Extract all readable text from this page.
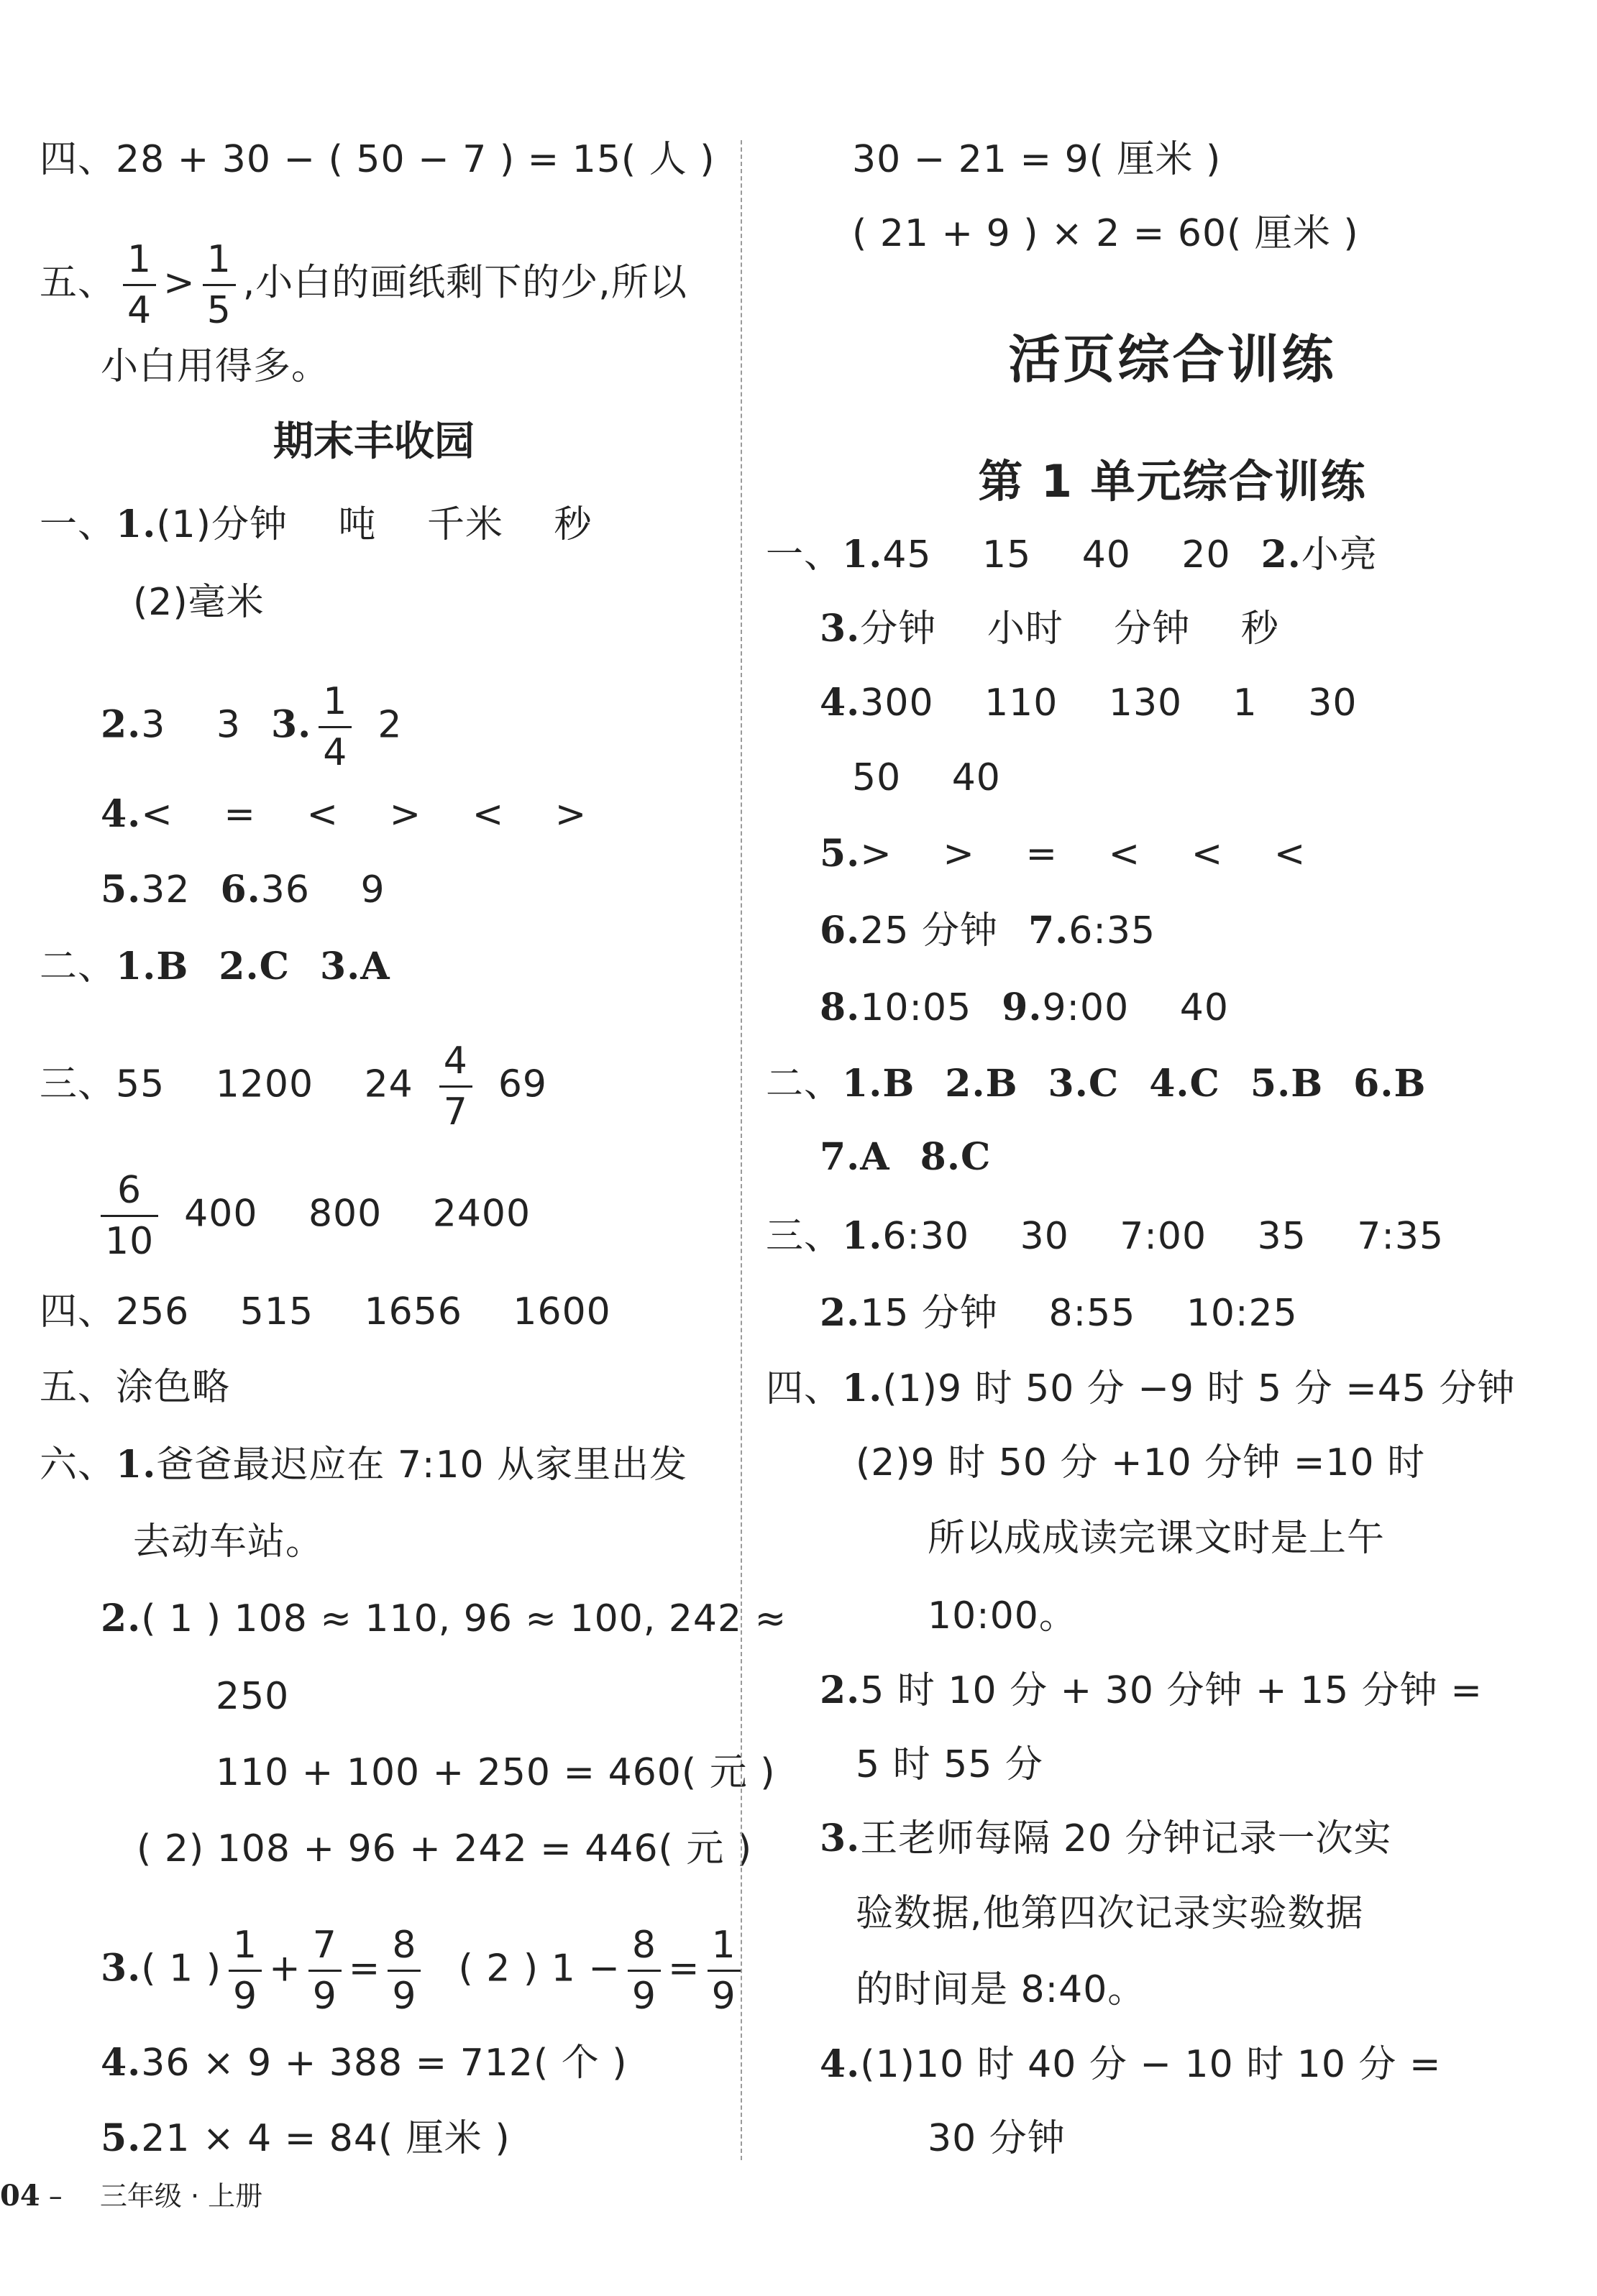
四、28 + 30 − ( 50 − 7 ) = 15( 人 )
五、 $\frac{1}{4} > \frac{1}{5}$ ,小白的画纸剩下的少,所以
小白用得多。
期末丰收园
一、1.(1)分钟　 吨　 千米　 秒
(2)毫米
2.3　 3 3. $\frac{1}{4} 2$
4.<　 =　 <　 >　 <　 >
5.32 6.36　 9
二、1.B 2.C 3.A
三、55　 1200　 $24 \frac{4}{7} 69$
$\frac{6}{10} 400$　 800　 2400
四、256　 515　 1656　 1600
五、涂色略
六、1.爸爸最迟应在 7:10 从家里出发
去动车站。
2.( 1 ) 108 ≈ 110, 96 ≈ 100, 242 ≈
250
110 + 100 + 250 = 460( 元 )
( 2) 108 + 96 + 242 = 446( 元 )
3.( 1 ) $\frac{1}{9} + \frac{7}{9} = \frac{8}{9}$ ( 2 ) $1 - \frac{8}{9} = \frac{1}{9}$
4.36 × 9 + 388 = 712( 个 )
5.21 × 4 = 84( 厘米 )
30 − 21 = 9( 厘米 )
( 21 + 9 ) × 2 = 60( 厘米 )
活页综合训练
第 1 单元综合训练
一、1.45　 15　 40　 20 2.小亮
3.分钟　 小时　 分钟　 秒
4.300　 110　 130　 1　 30
50　 40
5.>　 >　 =　 <　 <　 <
6.25 分钟 7.6:35
8.10:05 9.9:00　 40
二、1.B 2.B 3.C 4.C 5.B 6.B
7.A 8.C
三、1.6:30　 30　 7:00　 35　 7:35
2.15 分钟　 8:55　 10:25
四、1.(1)9 时 50 分 −9 时 5 分 =45 分钟
(2)9 时 50 分 +10 分钟 =10 时
所以成成读完课文时是上午
10:00。
2.5 时 10 分 + 30 分钟 + 15 分钟 =
5 时 55 分
3.王老师每隔 20 分钟记录一次实
验数据,他第四次记录实验数据
的时间是 8:40。
4.(1)10 时 40 分 − 10 时 10 分 =
30 分钟
04 – 三年级 · 上册
